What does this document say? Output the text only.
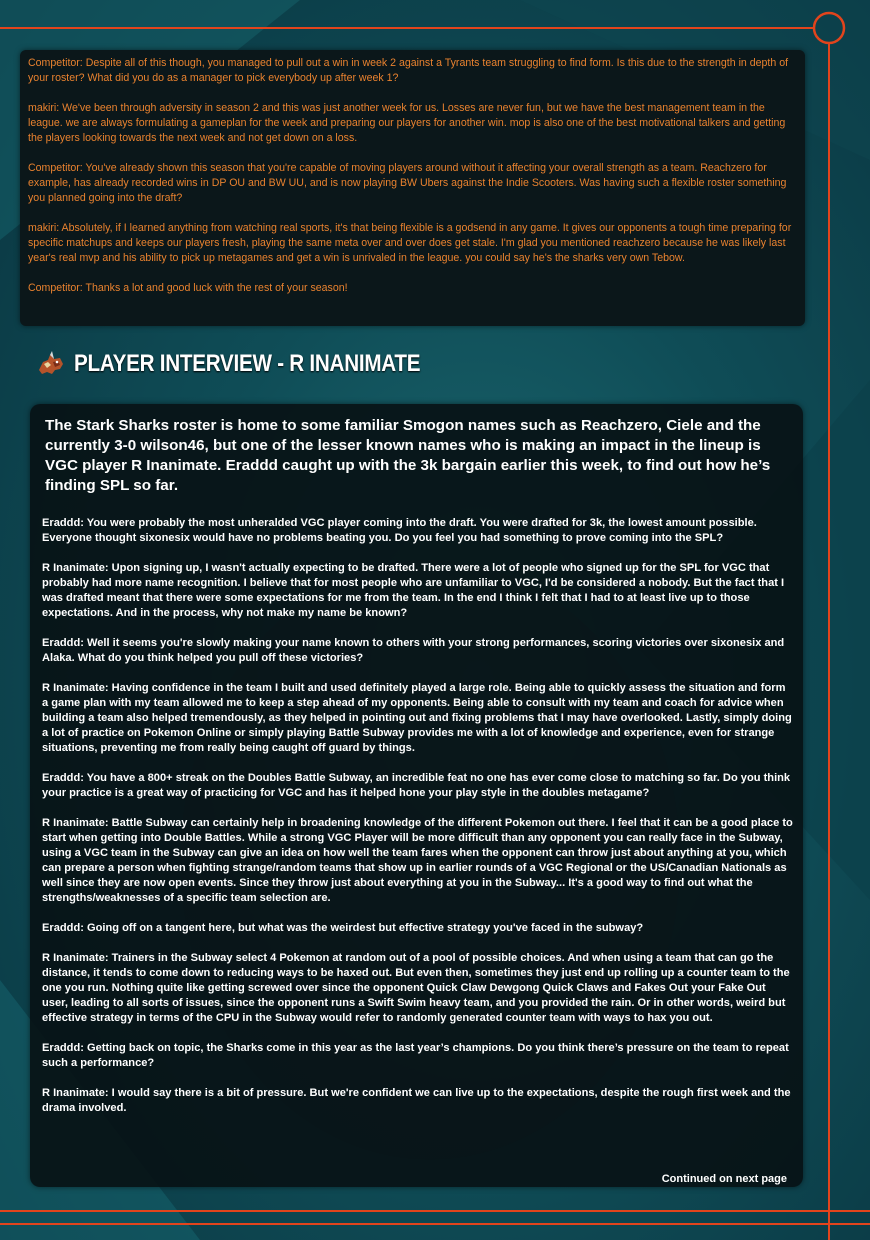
Competitor: Despite all of this though, you managed to pull out a win in week 2 against a Tyrants team struggling to find form. Is this due to the strength in depth of your roster? What did you do as a manager to pick everybody up after week 1?

makiri: We've been through adversity in season 2 and this was just another week for us. Losses are never fun, but we have the best management team in the league. we are always formulating a gameplan for the week and preparing our players for another win. mop is also one of the best motivational talkers and getting the players looking towards the next week and not get down on a loss.

Competitor: You've already shown this season that you're capable of moving players around without it affecting your overall strength as a team. Reachzero for example, has already recorded wins in DP OU and BW UU, and is now playing BW Ubers against the Indie Scooters. Was having such a flexible roster something you planned going into the draft?

makiri: Absolutely, if I learned anything from watching real sports, it's that being flexible is a godsend in any game. It gives our opponents a tough time preparing for specific matchups and keeps our players fresh, playing the same meta over and over does get stale. I'm glad you mentioned reachzero because he was likely last year's real mvp and his ability to pick up metagames and get a win is unrivaled in the league. you could say he's the sharks very own Tebow.

Competitor: Thanks a lot and good luck with the rest of your season!

PLAYER INTERVIEW - R INANIMATE

The Stark Sharks roster is home to some familiar Smogon names such as Reachzero, Ciele and the currently 3-0 wilson46, but one of the lesser known names who is making an impact in the lineup is VGC player R Inanimate. Eraddd caught up with the 3k bargain earlier this week, to find out how he’s finding SPL so far.

Eraddd: You were probably the most unheralded VGC player coming into the draft. You were drafted for 3k, the lowest amount possible. Everyone thought sixonesix would have no problems beating you. Do you feel you had something to prove coming into the SPL?

R Inanimate: Upon signing up, I wasn't actually expecting to be drafted. There were a lot of people who signed up for the SPL for VGC that probably had more name recognition. I believe that for most people who are unfamiliar to VGC, I'd be considered a nobody. But the fact that I was drafted meant that there were some expectations for me from the team. In the end I think I felt that I had to at least live up to those expectations. And in the process, why not make my name be known?

Eraddd: Well it seems you're slowly making your name known to others with your strong performances, scoring victories over sixonesix and Alaka. What do you think helped you pull off these victories?

R Inanimate: Having confidence in the team I built and used definitely played a large role. Being able to quickly assess the situation and form a game plan with my team allowed me to keep a step ahead of my opponents. Being able to consult with my team and coach for advice when building a team also helped tremendously, as they helped in pointing out and fixing problems that I may have overlooked. Lastly, simply doing a lot of practice on Pokemon Online or simply playing Battle Subway provides me with a lot of knowledge and experience, even for strange situations, preventing me from really being caught off guard by things.

Eraddd: You have a 800+ streak on the Doubles Battle Subway, an incredible feat no one has ever come close to matching so far. Do you think your practice is a great way of practicing for VGC and has it helped hone your play style in the doubles metagame?

R Inanimate: Battle Subway can certainly help in broadening knowledge of the different Pokemon out there. I feel that it can be a good place to start when getting into Double Battles. While a strong VGC Player will be more difficult than any opponent you can really face in the Subway, using a VGC team in the Subway can give an idea on how well the team fares when the opponent can throw just about anything at you, which can prepare a person when fighting strange/random teams that show up in earlier rounds of a VGC Regional or the US/Canadian Nationals as well since they are now open events. Since they throw just about everything at you in the Subway... It's a good way to find out what the strengths/weaknesses of a specific team selection are.

Eraddd: Going off on a tangent here, but what was the weirdest but effective strategy you've faced in the subway?

R Inanimate: Trainers in the Subway select 4 Pokemon at random out of a pool of possible choices. And when using a team that can go the distance, it tends to come down to reducing ways to be haxed out. But even then, sometimes they just end up rolling up a counter team to the one you run. Nothing quite like getting screwed over since the opponent Quick Claw Dewgong Quick Claws and Fakes Out your Fake Out user, leading to all sorts of issues, since the opponent runs a Swift Swim heavy team, and you provided the rain. Or in other words, weird but effective strategy in terms of the CPU in the Subway would refer to randomly generated counter team with ways to hax you out.

Eraddd: Getting back on topic, the Sharks come in this year as the last year’s champions. Do you think there’s pressure on the team to repeat such a performance?

R Inanimate: I would say there is a bit of pressure. But we're confident we can live up to the expectations, despite the rough first week and the drama involved.

Continued on next page
